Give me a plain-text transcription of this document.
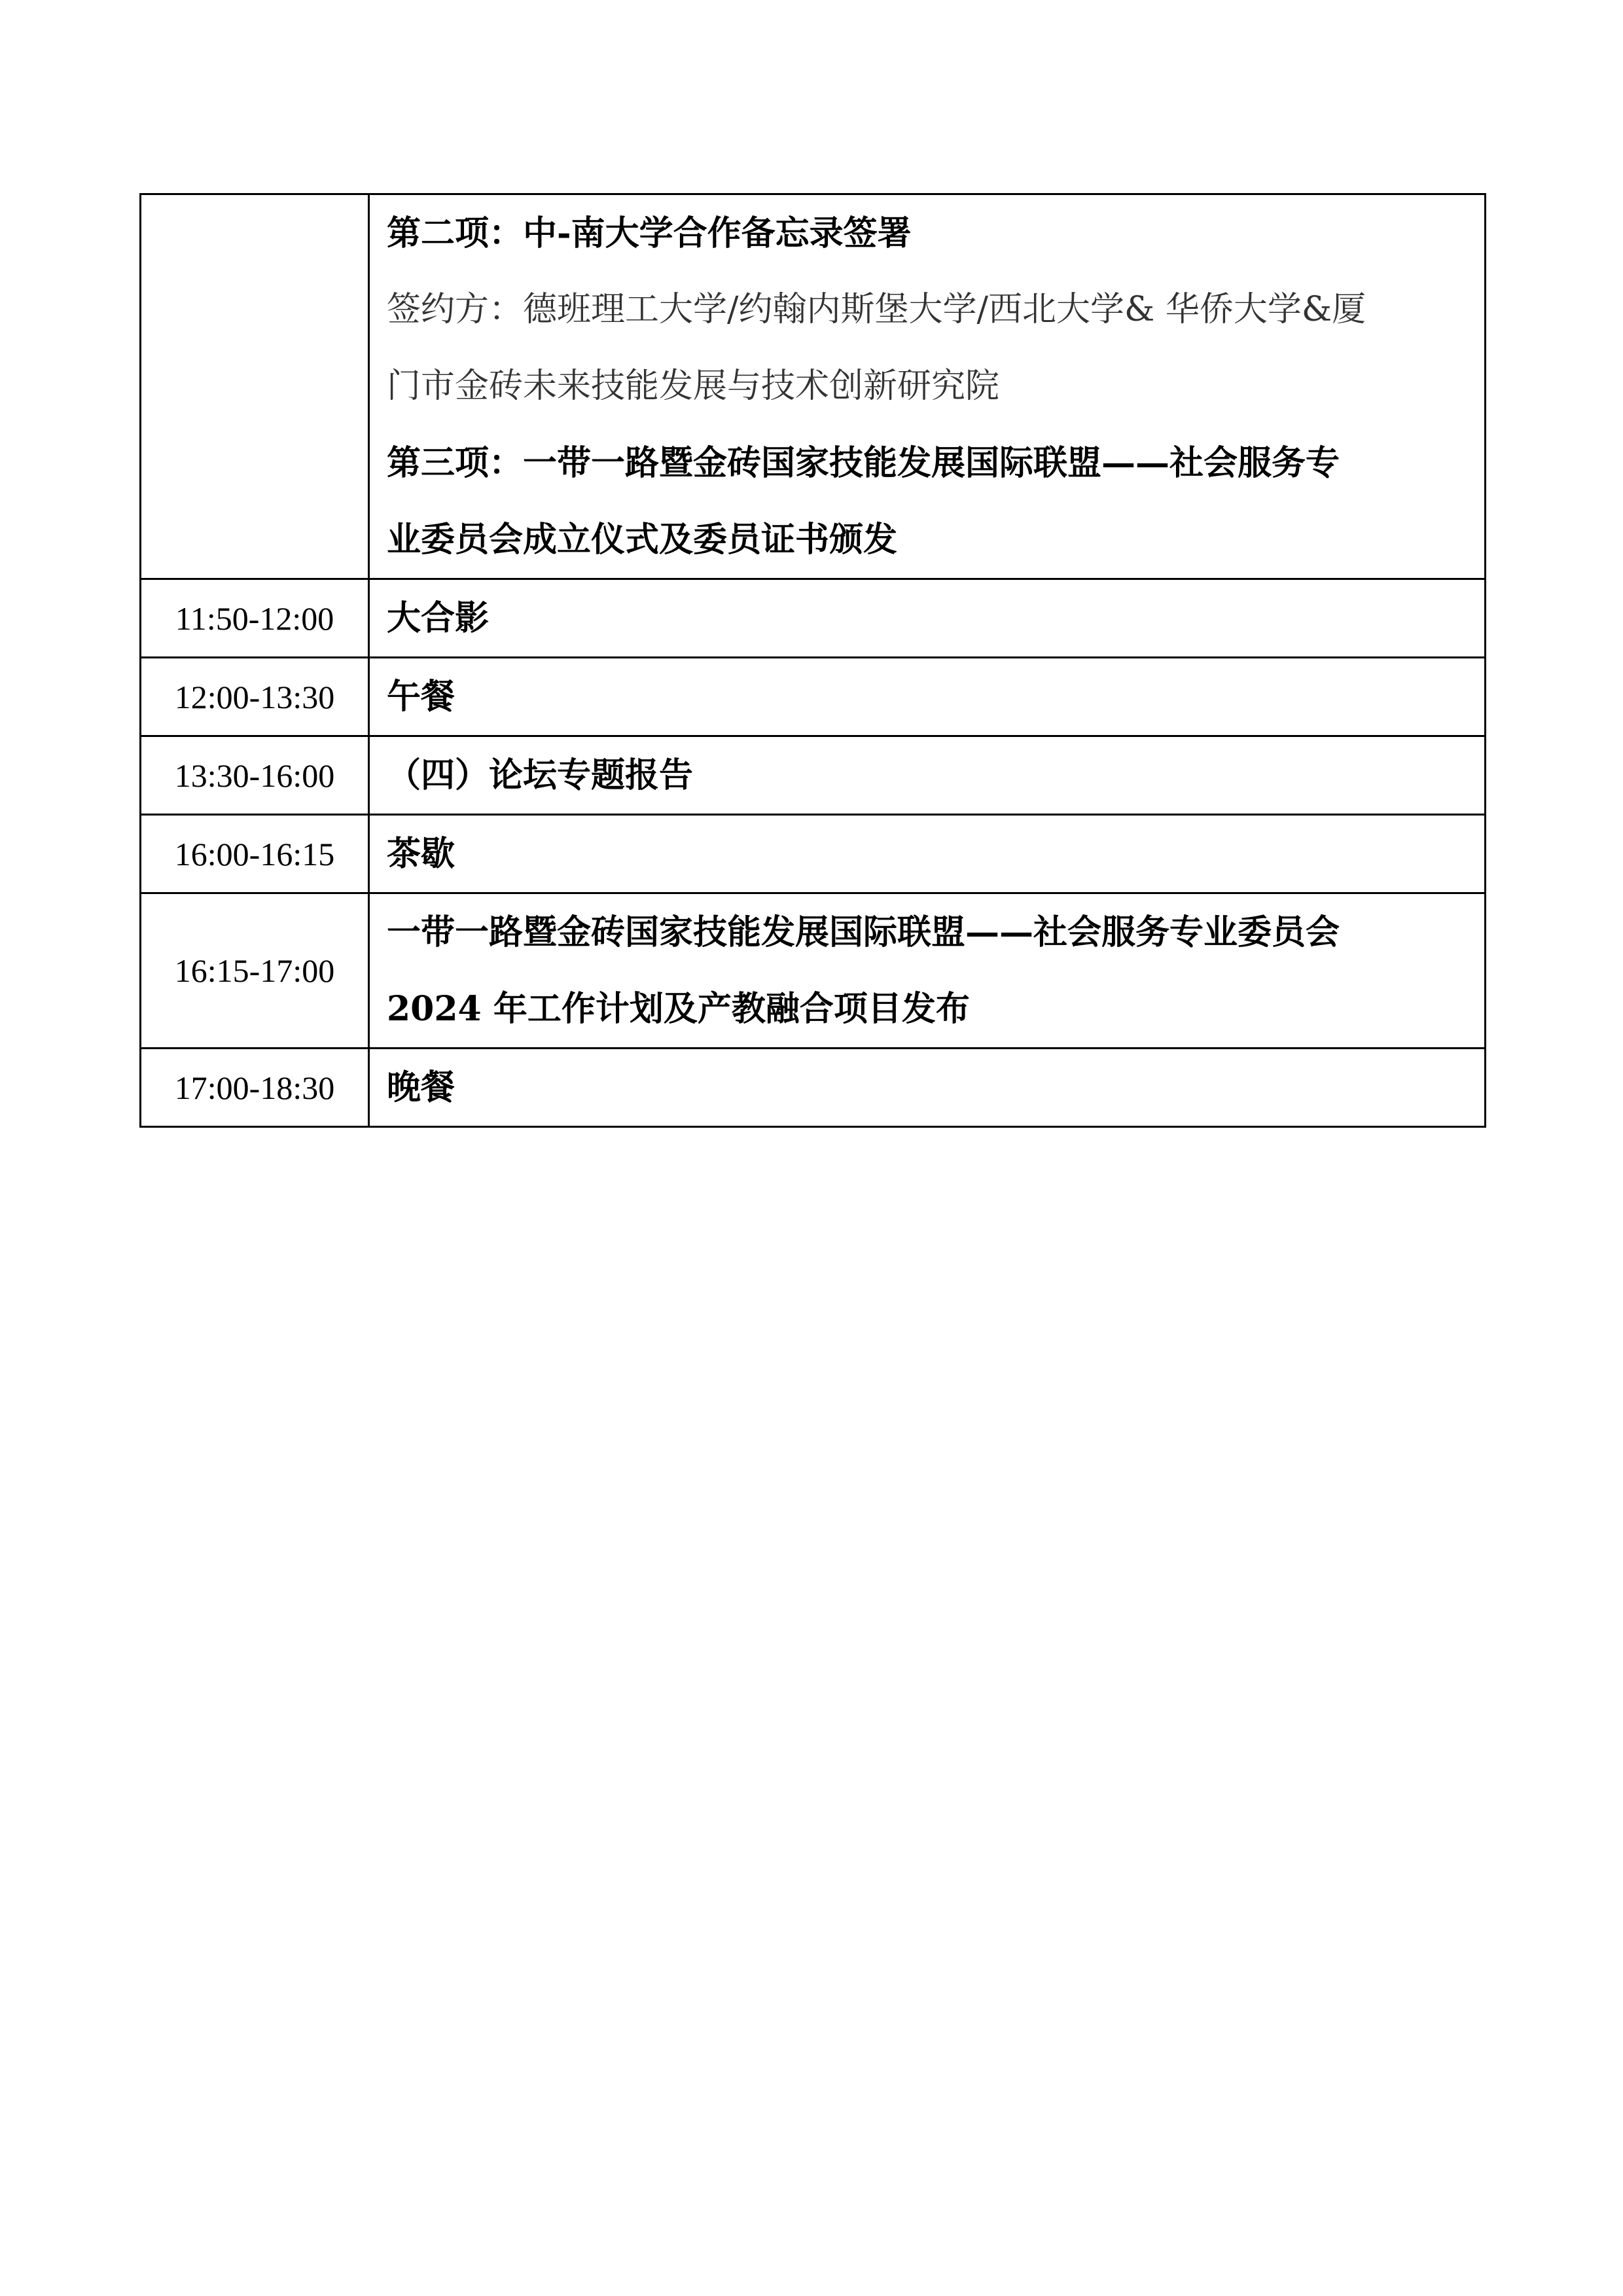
	第二项：中-南大学合作备忘录签署
签约方：德班理工大学/约翰内斯堡大学/西北大学& 华侨大学&厦
门市金砖未来技能发展与技术创新研究院
第三项：一带一路暨金砖国家技能发展国际联盟——社会服务专
业委员会成立仪式及委员证书颁发

11:50-12:00	大合影

12:00-13:30	午餐

13:30-16:00	（四）论坛专题报告

16:00-16:15	茶歇

16:15-17:00	一带一路暨金砖国家技能发展国际联盟——社会服务专业委员会
2024 年工作计划及产教融合项目发布

17:00-18:30	晚餐
